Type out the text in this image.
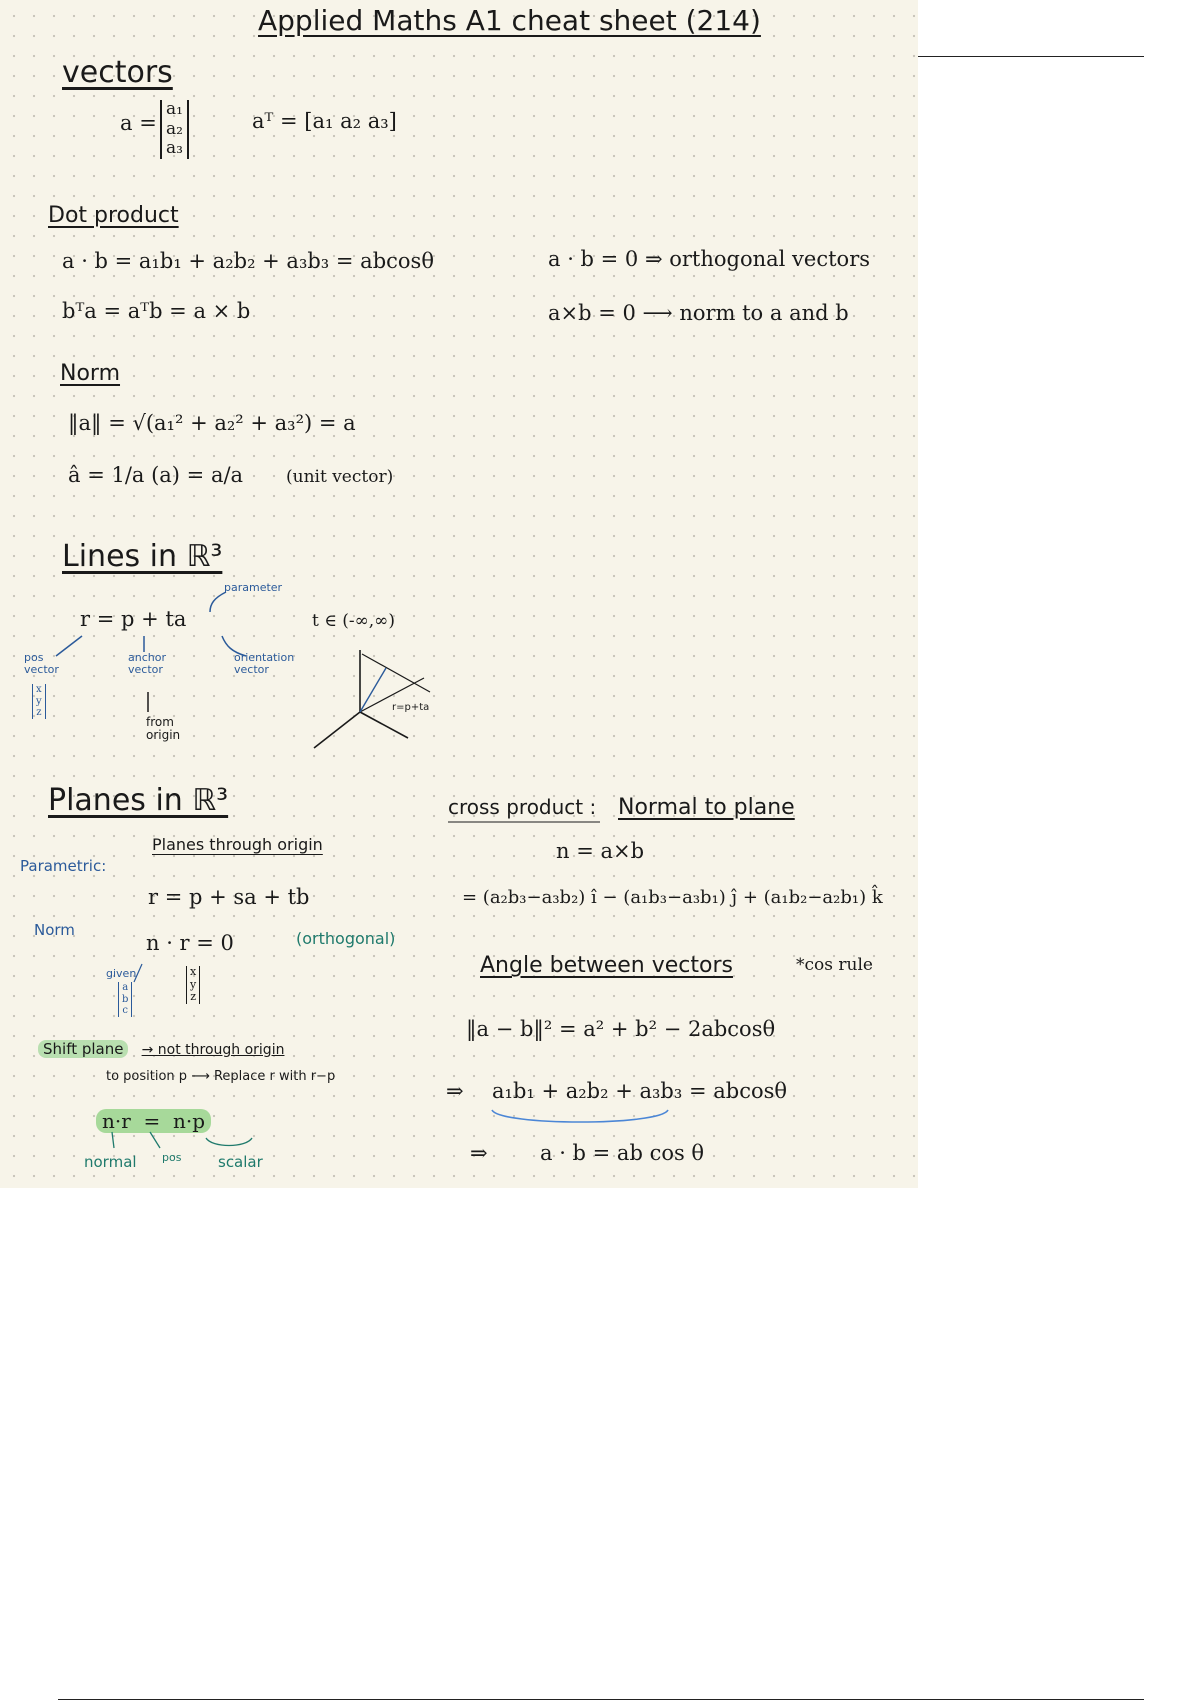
Applied Maths A1 cheat sheet (214)
vectors
a =
a₁
a₂
a₃
aᵀ = [a₁ a₂ a₃]
Dot product
a · b = a₁b₁ + a₂b₂ + a₃b₃ = abcosθ
bᵀa = aᵀb = a × b
a · b = 0 ⇒ orthogonal vectors
a×b = 0 ⟶ norm to a and b
Norm
‖a‖ = √(a₁² + a₂² + a₃²) = a
â = 1/a (a) = a/a	(unit vector)
Lines in ℝ³
parameter
r = p + ta	t ∈ (-∞,∞)
pos vector
anchor vector
orientation vector
x
y
z
from origin
r=p+ta
Planes in ℝ³
Planes through origin
Parametric:
r = p + sa + tb
Norm
n · r = 0	(orthogonal)
given
a
b
c
x
y
z
Shift plane → not through origin
to position p ⟶ Replace r with r−p
n·r  =  n·p
normal pos scalar
cross product : Normal to plane
n = a×b
= (a₂b₃−a₃b₂) î − (a₁b₃−a₃b₁) ĵ + (a₁b₂−a₂b₁) k̂
Angle between vectors	*cos rule
‖a − b‖² = a² + b² − 2abcosθ
⇒ a₁b₁ + a₂b₂ + a₃b₃ = abcosθ
⇒ a · b = ab cos θ
